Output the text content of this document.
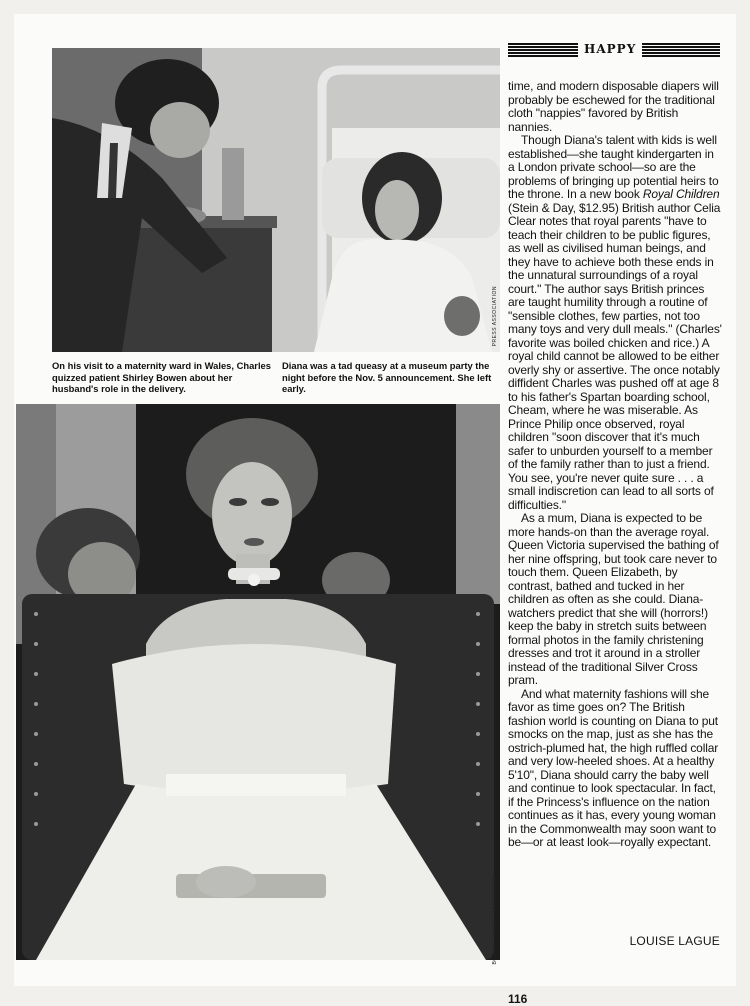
HAPPY
PRESS ASSOCIATION
On his visit to a maternity ward in Wales, Charles quizzed patient Shirley Bowen about her husband's role in the delivery.
Diana was a tad queasy at a museum party the night before the Nov. 5 announcement. She left early.
BOB BELL/PRESS ASSOCIATION

time, and modern disposable diapers will probably be eschewed for the traditional cloth "nappies" favored by British nannies.

Though Diana's talent with kids is well established—she taught kindergarten in a London private school—so are the problems of bringing up potential heirs to the throne. In a new book Royal Children (Stein & Day, $12.95) British author Celia Clear notes that royal parents "have to teach their children to be public figures, as well as civilised human beings, and they have to achieve both these ends in the unnatural surroundings of a royal court." The author says British princes are taught humility through a routine of "sensible clothes, few parties, not too many toys and very dull meals." (Charles' favorite was boiled chicken and rice.) A royal child cannot be allowed to be either overly shy or assertive. The once notably diffident Charles was pushed off at age 8 to his father's Spartan boarding school, Cheam, where he was miserable. As Prince Philip once observed, royal children "soon discover that it's much safer to unburden yourself to a member of the family rather than to just a friend. You see, you're never quite sure . . . a small indiscretion can lead to all sorts of difficulties."

As a mum, Diana is expected to be more hands-on than the average royal. Queen Victoria supervised the bathing of her nine offspring, but took care never to touch them. Queen Elizabeth, by contrast, bathed and tucked in her children as often as she could. Diana-watchers predict that she will (horrors!) keep the baby in stretch suits between formal photos in the family christening dresses and trot it around in a stroller instead of the traditional Silver Cross pram.

And what maternity fashions will she favor as time goes on? The British fashion world is counting on Diana to put smocks on the map, just as she has the ostrich-plumed hat, the high ruffled collar and very low-heeled shoes. At a healthy 5'10", Diana should carry the baby well and continue to look spectacular. In fact, if the Princess's influence on the nation continues as it has, every young woman in the Commonwealth may soon want to be—or at least look—royally expectant.

LOUISE LAGUE
116
